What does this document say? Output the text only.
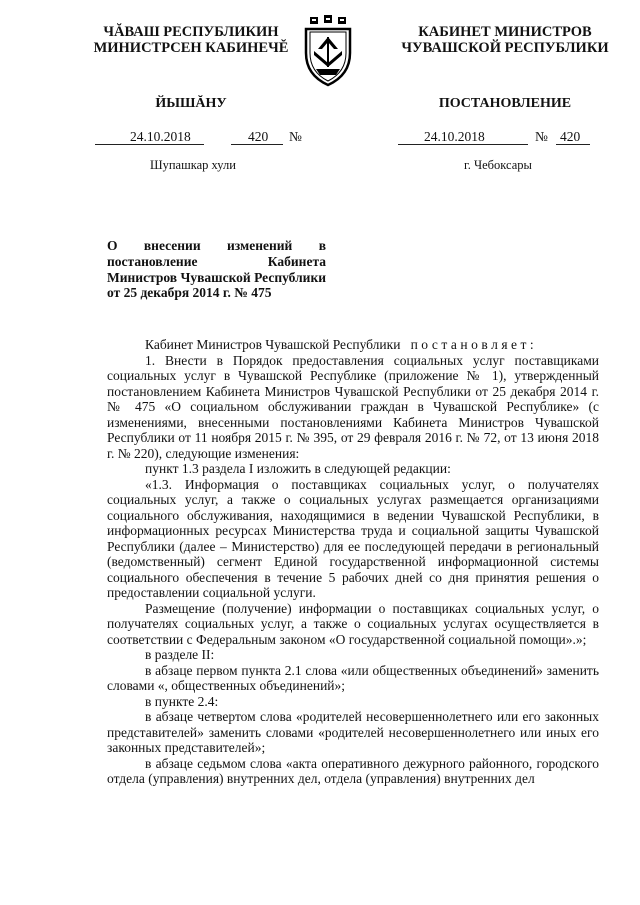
ЧĂВАШ РЕСПУБЛИКИН
МИНИСТРСЕН КАБИНЕЧĔ
ЙЫШĂНУ
КАБИНЕТ МИНИСТРОВ
ЧУВАШСКОЙ РЕСПУБЛИКИ
ПОСТАНОВЛЕНИЕ
24.10.2018	420 №	24.10.2018	№ 420
Шупашкар хули	г. Чебоксары
О внесении изменений в постановление Кабинета Министров Чувашской Республики от 25 декабря 2014 г. № 475

Кабинет Министров Чувашской Республики постановляет:

1. Внести в Порядок предоставления социальных услуг поставщиками социальных услуг в Чувашской Республике (приложение № 1), утвержденный постановлением Кабинета Министров Чувашской Республики от 25 декабря 2014 г. № 475 «О социальном обслуживании граждан в Чувашской Республике» (с изменениями, внесенными постановлениями Кабинета Министров Чувашской Республики от 11 ноября 2015 г. № 395, от 29 февраля 2016 г. № 72, от 13 июня 2018 г. № 220), следующие изменения:

пункт 1.3 раздела I изложить в следующей редакции:

«1.3. Информация о поставщиках социальных услуг, о получателях социальных услуг, а также о социальных услугах размещается организациями социального обслуживания, находящимися в ведении Чувашской Республики, в информационных ресурсах Министерства труда и социальной защиты Чувашской Республики (далее – Министерство) для ее последующей передачи в региональный (ведомственный) сегмент Единой государственной информационной системы социального обеспечения в течение 5 рабочих дней со дня принятия решения о предоставлении социальной услуги.

Размещение (получение) информации о поставщиках социальных услуг, о получателях социальных услуг, а также о социальных услугах осуществляется в соответствии с Федеральным законом «О государственной социальной помощи».»;

в разделе II:

в абзаце первом пункта 2.1 слова «или общественных объединений» заменить словами «, общественных объединений»;

в пункте 2.4:

в абзаце четвертом слова «родителей несовершеннолетнего или его законных представителей» заменить словами «родителей несовершеннолетнего или иных его законных представителей»;

в абзаце седьмом слова «акта оперативного дежурного районного, городского отдела (управления) внутренних дел, отдела (управления) внутренних дел
